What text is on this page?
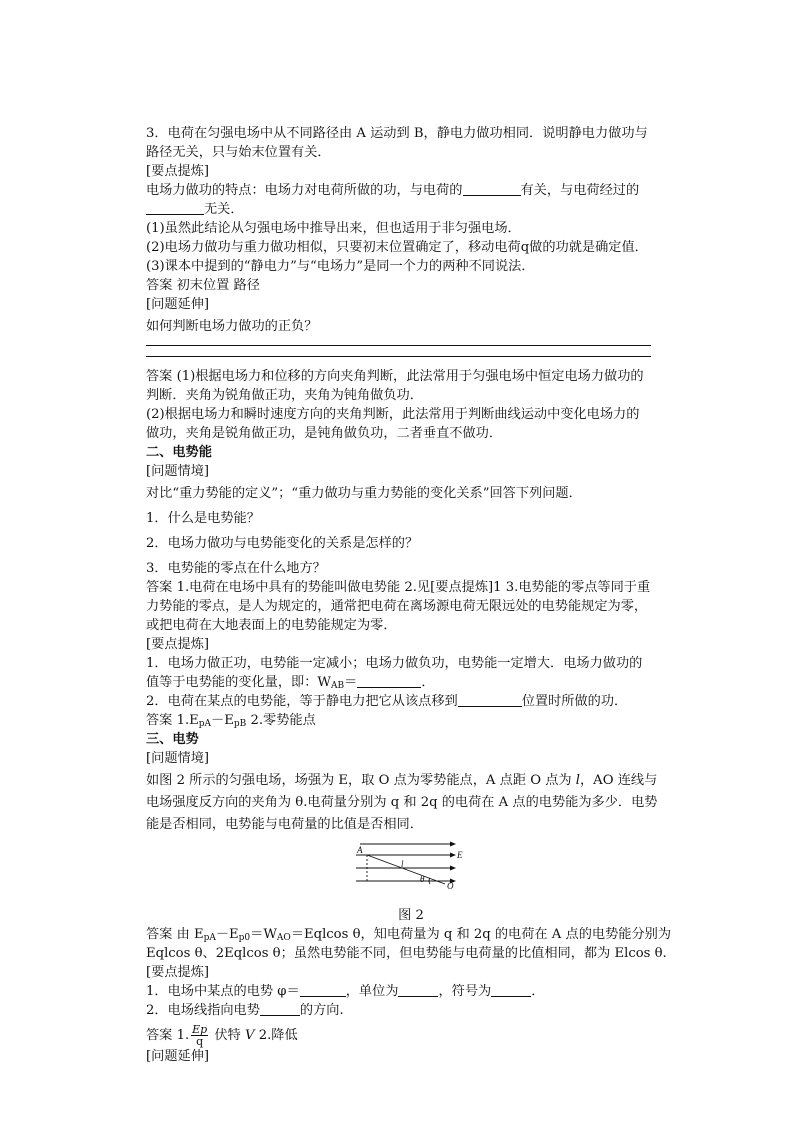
3．电荷在匀强电场中从不同路径由 A 运动到 B，静电力做功相同．说明静电力做功与
路径无关，只与始末位置有关．
[要点提炼]
电场力做功的特点：电场力对电荷所做的功，与电荷的	有关，与电荷经过的
无关．
(1)虽然此结论从匀强电场中推导出来，但也适用于非匀强电场．
(2)电场力做功与重力做功相似，只要初末位置确定了，移动电荷q做的功就是确定值．
(3)课本中提到的“静电力”与“电场力”是同一个力的两种不同说法．
答案 初末位置 路径
[问题延伸]
如何判断电场力做功的正负？
答案 (1)根据电场力和位移的方向夹角判断，此法常用于匀强电场中恒定电场力做功的
判断．夹角为锐角做正功，夹角为钝角做负功．
(2)根据电场力和瞬时速度方向的夹角判断，此法常用于判断曲线运动中变化电场力的
做功，夹角是锐角做正功，是钝角做负功，二者垂直不做功．
二、电势能
[问题情境]
对比“重力势能的定义”；“重力做功与重力势能的变化关系”回答下列问题．
1．什么是电势能？
2．电场力做功与电势能变化的关系是怎样的？
3．电势能的零点在什么地方？
答案 1.电荷在电场中具有的势能叫做电势能 2.见[要点提炼]1 3.电势能的零点等同于重
力势能的零点，是人为规定的，通常把电荷在离场源电荷无限远处的电势能规定为零，
或把电荷在大地表面上的电势能规定为零．
[要点提炼]
1．电场力做正功，电势能一定减小；电场力做负功，电势能一定增大．电场力做功的
值等于电势能的变化量，即：$W_{AB}=$	．
2．电荷在某点的电势能，等于静电力把它从该点移到	位置时所做的功．
答案 $1.E_{pA}-E_{pB}$ 2.零势能点
三、电势
[问题情境]
如图 2 所示的匀强电场，场强为 E，取 O 点为零势能点，A 点距 O 点为 l，AO 连线与
电场强度反方向的夹角为 θ.电荷量分别为 q 和 2q 的电荷在 A 点的电势能为多少．电势
能是否相同，电势能与电荷量的比值是否相同．
A	E
l
θ
O
图 2
答案 由 $E_{pA}-E_{p0}=W_{AO}=Eqlcos$ θ，知电荷量为 q 和 2q 的电荷在 A 点的电势能分别为
Eqlcos θ、2Eqlcos θ；虽然电势能不同，但电势能与电荷量的比值相同，都为 Elcos θ.
[要点提炼]
1．电场中某点的电势 φ＝	，单位为	，符号为	．
2．电场线指向电势	的方向.
答案 1. $\frac{Ep}{q}$ 伏特 V 2.降低
[问题延伸]
